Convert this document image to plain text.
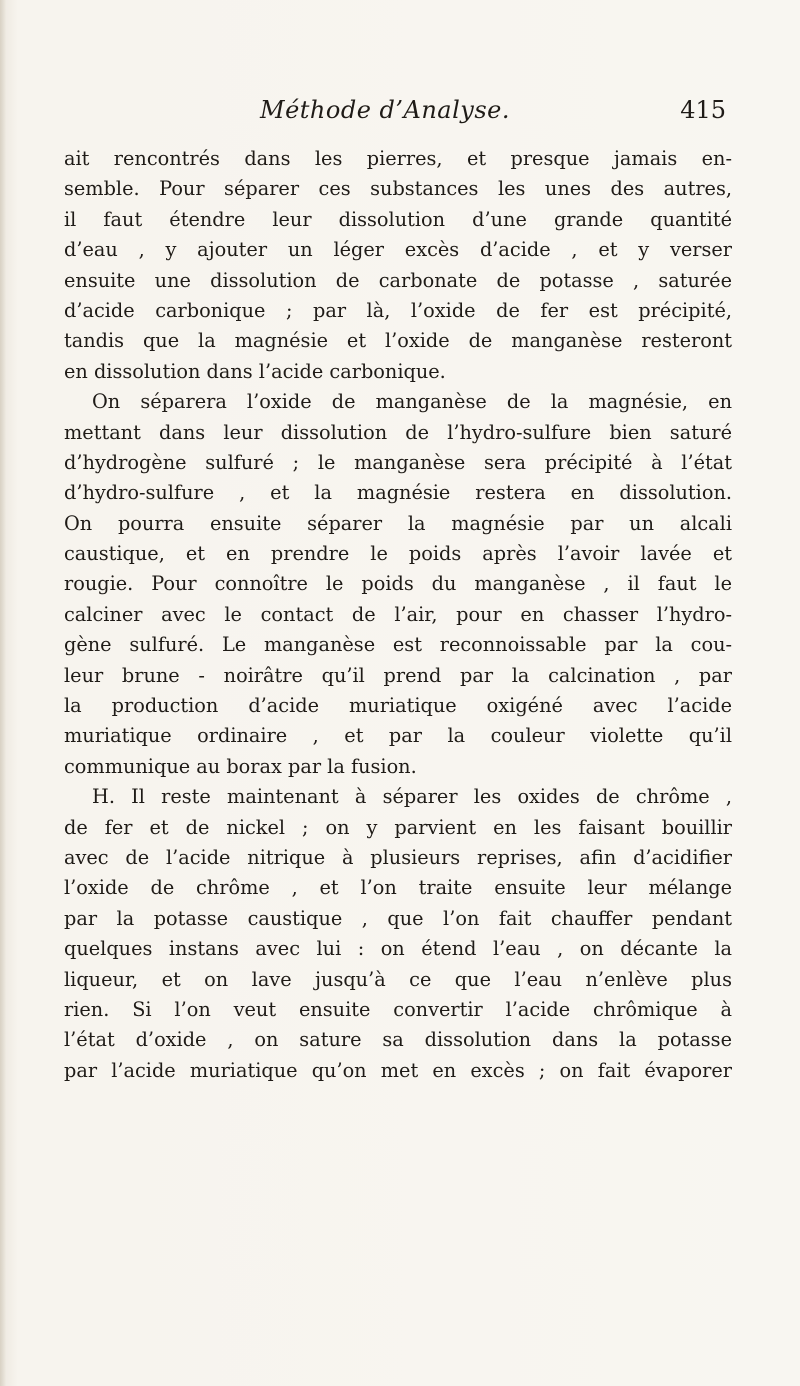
Méthode d’Analyse.	415
ait rencontrés dans les pierres, et presque jamais en-
semble. Pour séparer ces substances les unes des autres,
il faut étendre leur dissolution d’une grande quantité
d’eau , y ajouter un léger excès d’acide , et y verser
ensuite une dissolution de carbonate de potasse , saturée
d’acide carbonique ; par là, l’oxide de fer est précipité,
tandis que la magnésie et l’oxide de manganèse resteront
en dissolution dans l’acide carbonique.
On séparera l’oxide de manganèse de la magnésie, en
mettant dans leur dissolution de l’hydro-sulfure bien saturé
d’hydrogène sulfuré ; le manganèse sera précipité à l’état
d’hydro-sulfure , et la magnésie restera en dissolution.
On pourra ensuite séparer la magnésie par un alcali
caustique, et en prendre le poids après l’avoir lavée et
rougie. Pour connoître le poids du manganèse , il faut le
calciner avec le contact de l’air, pour en chasser l’hydro-
gène sulfuré. Le manganèse est reconnoissable par la cou-
leur brune - noirâtre qu’il prend par la calcination , par
la production d’acide muriatique oxigéné avec l’acide
muriatique ordinaire , et par la couleur violette qu’il
communique au borax par la fusion.
H. Il reste maintenant à séparer les oxides de chrôme ,
de fer et de nickel ; on y parvient en les faisant bouillir
avec de l’acide nitrique à plusieurs reprises, afin d’acidifier
l’oxide de chrôme , et l’on traite ensuite leur mélange
par la potasse caustique , que l’on fait chauffer pendant
quelques instans avec lui : on étend l’eau , on décante la
liqueur, et on lave jusqu’à ce que l’eau n’enlève plus
rien. Si l’on veut ensuite convertir l’acide chrômique à
l’état d’oxide , on sature sa dissolution dans la potasse
par l’acide muriatique qu’on met en excès ; on fait évaporer
